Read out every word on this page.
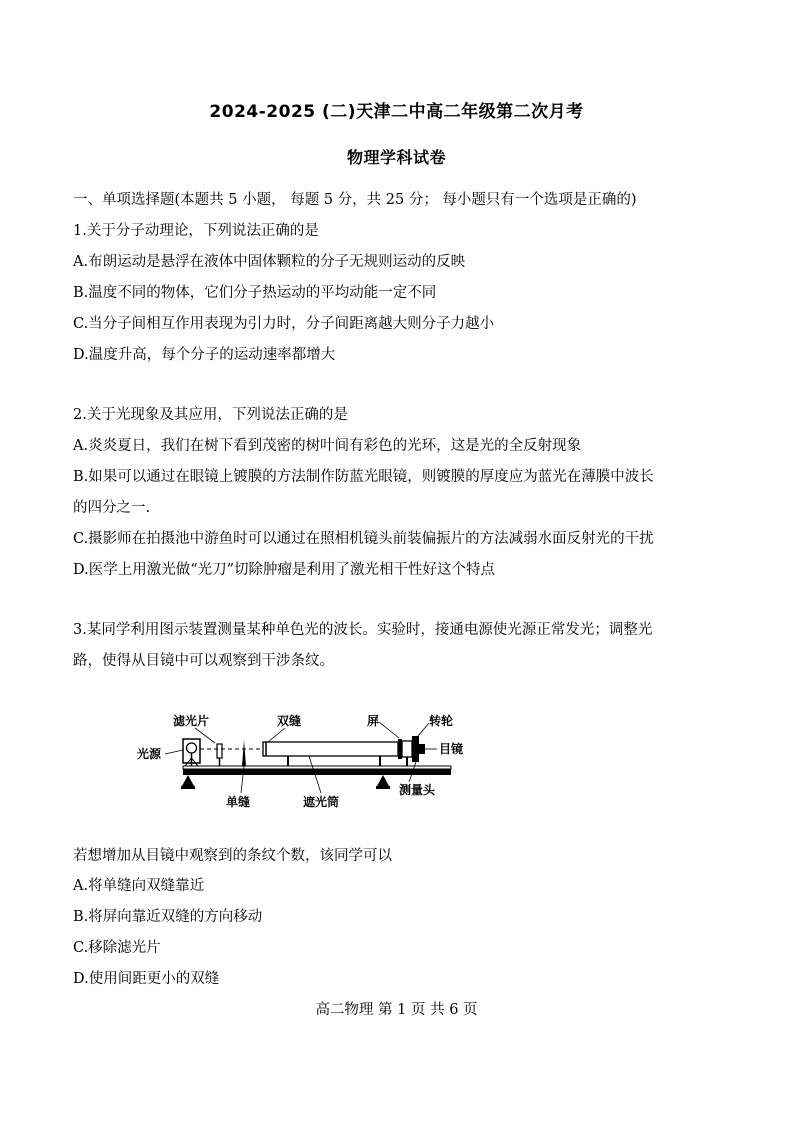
2024-2025 (二)天津二中高二年级第二次月考
物理学科试卷
一、单项选择题(本题共 5 小题， 每题 5 分，共 25 分； 每小题只有一个选项是正确的)
1.关于分子动理论，下列说法正确的是
A.布朗运动是悬浮在液体中固体颗粒的分子无规则运动的反映
B.温度不同的物体，它们分子热运动的平均动能一定不同
C.当分子间相互作用表现为引力时，分子间距离越大则分子力越小
D.温度升高，每个分子的运动速率都增大
2.关于光现象及其应用，下列说法正确的是
A.炎炎夏日，我们在树下看到茂密的树叶间有彩色的光环，这是光的全反射现象
B.如果可以通过在眼镜上镀膜的方法制作防蓝光眼镜，则镀膜的厚度应为蓝光在薄膜中波长
的四分之一.
C.摄影师在拍摄池中游鱼时可以通过在照相机镜头前装偏振片的方法减弱水面反射光的干扰
D.医学上用激光做“光刀”切除肿瘤是利用了激光相干性好这个特点
3.某同学利用图示装置测量某种单色光的波长。实验时，接通电源使光源正常发光；调整光
路，使得从目镜中可以观察到干涉条纹。
滤光片	双缝	屏	转轮
光源	目镜
单缝	遮光筒
测量头
若想增加从目镜中观察到的条纹个数，该同学可以
A.将单缝向双缝靠近
B.将屏向靠近双缝的方向移动
C.移除滤光片
D.使用间距更小的双缝
高二物理 第 1 页 共 6 页
